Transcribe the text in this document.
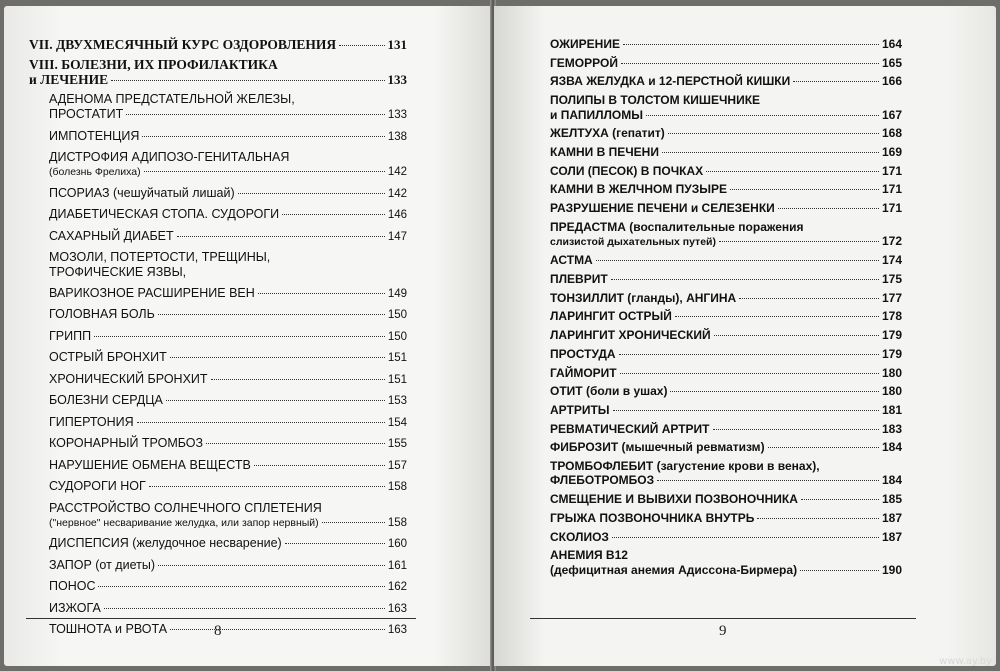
VII. ДВУХМЕСЯЧНЫЙ КУРС ОЗДОРОВЛЕНИЯ	131
VIII. БОЛЕЗНИ, ИХ ПРОФИЛАКТИКА
и ЛЕЧЕНИЕ	133
АДЕНОМА ПРЕДСТАТЕЛЬНОЙ ЖЕЛЕЗЫ,
ПРОСТАТИТ	133
ИМПОТЕНЦИЯ	138
ДИСТРОФИЯ АДИПОЗО-ГЕНИТАЛЬНАЯ
(болезнь Фрелиха)	142
ПСОРИАЗ (чешуйчатый лишай)	142
ДИАБЕТИЧЕСКАЯ СТОПА. СУДОРОГИ	146
САХАРНЫЙ ДИАБЕТ	147
МОЗОЛИ, ПОТЕРТОСТИ, ТРЕЩИНЫ,
ТРОФИЧЕСКИЕ ЯЗВЫ,
ВАРИКОЗНОЕ РАСШИРЕНИЕ ВЕН	149
ГОЛОВНАЯ БОЛЬ	150
ГРИПП	150
ОСТРЫЙ БРОНХИТ	151
ХРОНИЧЕСКИЙ БРОНХИТ	151
БОЛЕЗНИ СЕРДЦА	153
ГИПЕРТОНИЯ	154
КОРОНАРНЫЙ ТРОМБОЗ	155
НАРУШЕНИЕ ОБМЕНА ВЕЩЕСТВ	157
СУДОРОГИ НОГ	158
РАССТРОЙСТВО СОЛНЕЧНОГО СПЛЕТЕНИЯ
("нервное" несваривание желудка, или запор нервный)	158
ДИСПЕПСИЯ (желудочное несварение)	160
ЗАПОР (от диеты)	161
ПОНОС	162
ИЗЖОГА	163
ТОШНОТА и РВОТА	163
8
ОЖИРЕНИЕ	164
ГЕМОРРОЙ	165
ЯЗВА ЖЕЛУДКА и 12-ПЕРСТНОЙ КИШКИ	166
ПОЛИПЫ В ТОЛСТОМ КИШЕЧНИКЕ
и ПАПИЛЛОМЫ	167
ЖЕЛТУХА (гепатит)	168
КАМНИ В ПЕЧЕНИ	169
СОЛИ (ПЕСОК) В ПОЧКАХ	171
КАМНИ В ЖЕЛЧНОМ ПУЗЫРЕ	171
РАЗРУШЕНИЕ ПЕЧЕНИ и СЕЛЕЗЕНКИ	171
ПРЕДАСТМА (воспалительные поражения
слизистой дыхательных путей)	172
АСТМА	174
ПЛЕВРИТ	175
ТОНЗИЛЛИТ (гланды), АНГИНА	177
ЛАРИНГИТ ОСТРЫЙ	178
ЛАРИНГИТ ХРОНИЧЕСКИЙ	179
ПРОСТУДА	179
ГАЙМОРИТ	180
ОТИТ (боли в ушах)	180
АРТРИТЫ	181
РЕВМАТИЧЕСКИЙ АРТРИТ	183
ФИБРОЗИТ (мышечный ревматизм)	184
ТРОМБОФЛЕБИТ (загустение крови в венах),
ФЛЕБОТРОМБОЗ	184
СМЕЩЕНИЕ И ВЫВИХИ ПОЗВОНОЧНИКА	185
ГРЫЖА ПОЗВОНОЧНИКА ВНУТРЬ	187
СКОЛИОЗ	187
АНЕМИЯ В12
(дефицитная анемия Адиссона-Бирмера)	190
9
www.ay.by
